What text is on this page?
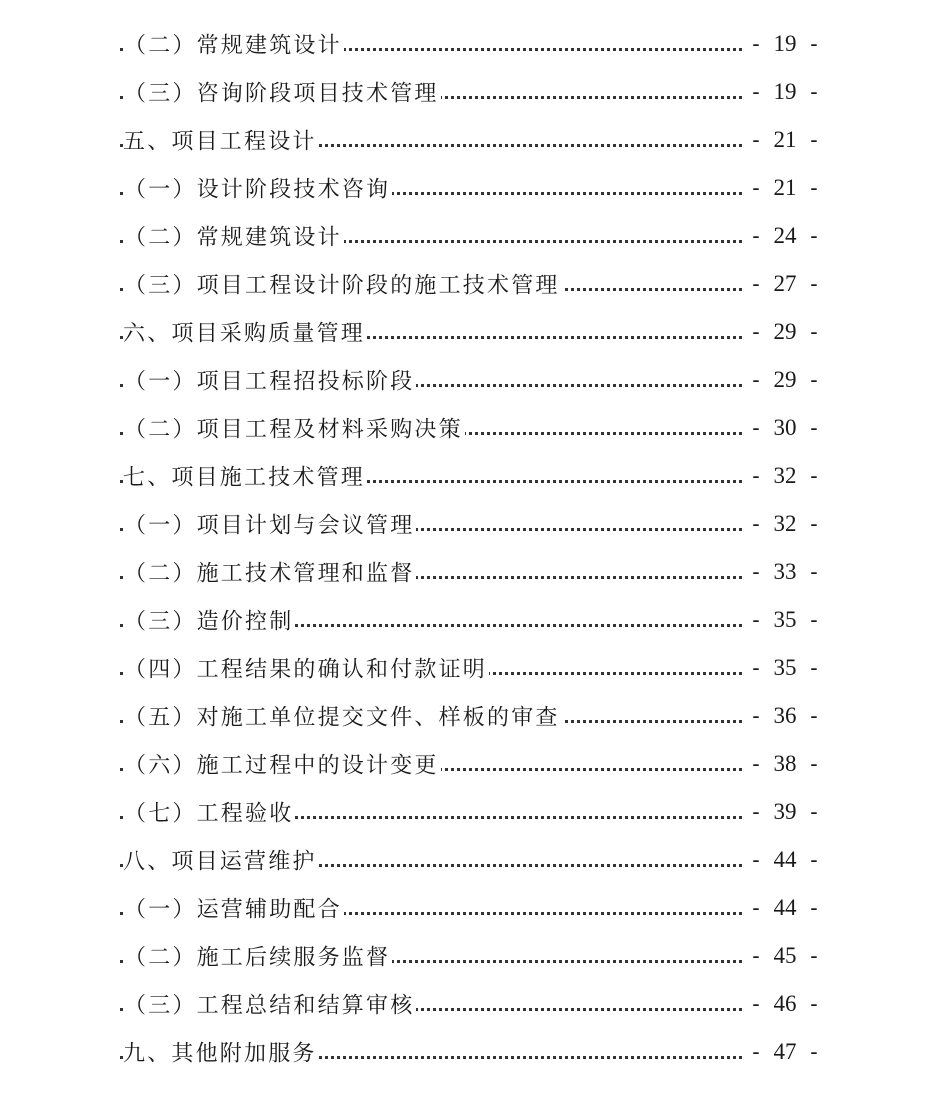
（二）常规建筑设计	- 19 -
（三）咨询阶段项目技术管理	- 19 -
五、项目工程设计	- 21 -
（一）设计阶段技术咨询	- 21 -
（二）常规建筑设计	- 24 -
（三）项目工程设计阶段的施工技术管理	- 27 -
六、项目采购质量管理	- 29 -
（一）项目工程招投标阶段	- 29 -
（二）项目工程及材料采购决策	- 30 -
七、项目施工技术管理	- 32 -
（一）项目计划与会议管理	- 32 -
（二）施工技术管理和监督	- 33 -
（三）造价控制	- 35 -
（四）工程结果的确认和付款证明	- 35 -
（五）对施工单位提交文件、样板的审查	- 36 -
（六）施工过程中的设计变更	- 38 -
（七）工程验收	- 39 -
八、项目运营维护	- 44 -
（一）运营辅助配合	- 44 -
（二）施工后续服务监督	- 45 -
（三）工程总结和结算审核	- 46 -
九、其他附加服务	- 47 -
